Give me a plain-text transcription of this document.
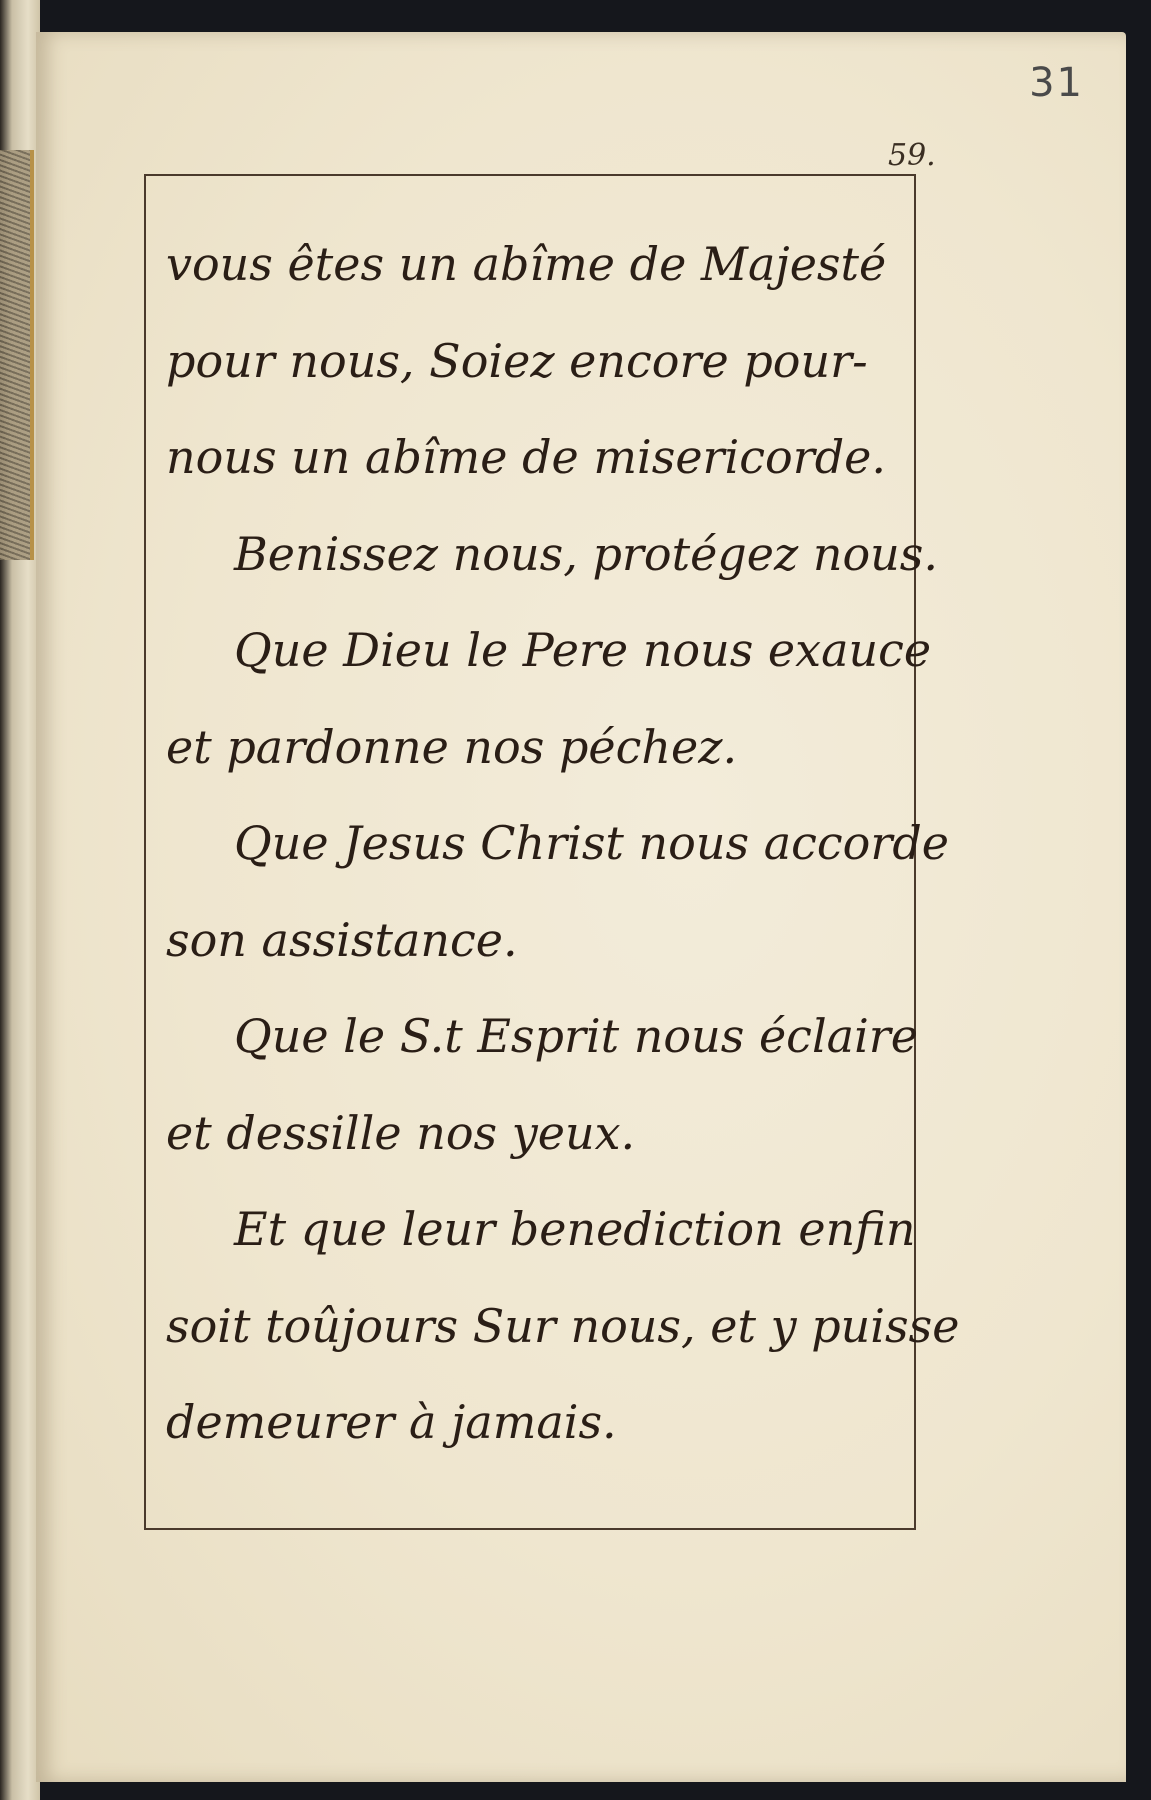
31
59.
vous êtes un abîme de Majesté
pour nous, Soiez encore pour-
nous un abîme de misericorde.
Benissez nous, protégez nous.
Que Dieu le Pere nous exauce
et pardonne nos péchez.
Que Jesus Christ nous accorde
son assistance.
Que le S.t Esprit nous éclaire
et dessille nos yeux.
Et que leur benediction enfin
soit toûjours Sur nous, et y puisse
demeurer à jamais.
